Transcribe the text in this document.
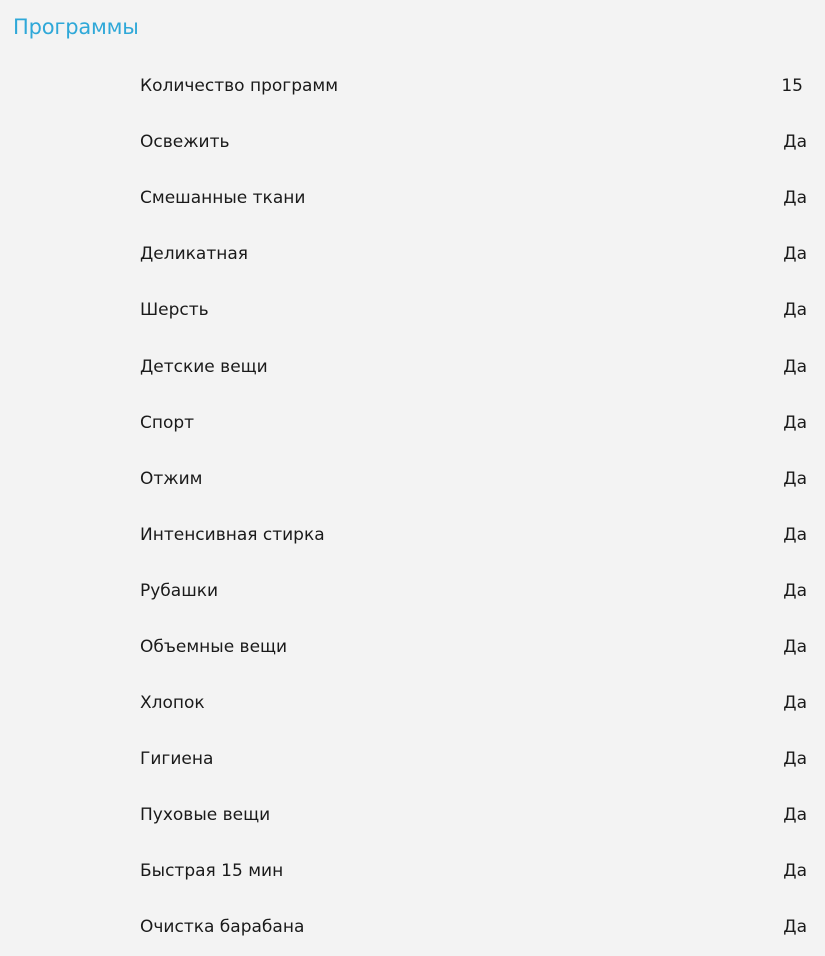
Программы
Количество программ	15
Освежить	Да
Смешанные ткани	Да
Деликатная	Да
Шерсть	Да
Детские вещи	Да
Спорт	Да
Отжим	Да
Интенсивная стирка	Да
Рубашки	Да
Объемные вещи	Да
Хлопок	Да
Гигиена	Да
Пуховые вещи	Да
Быстрая 15 мин	Да
Очистка барабана	Да
